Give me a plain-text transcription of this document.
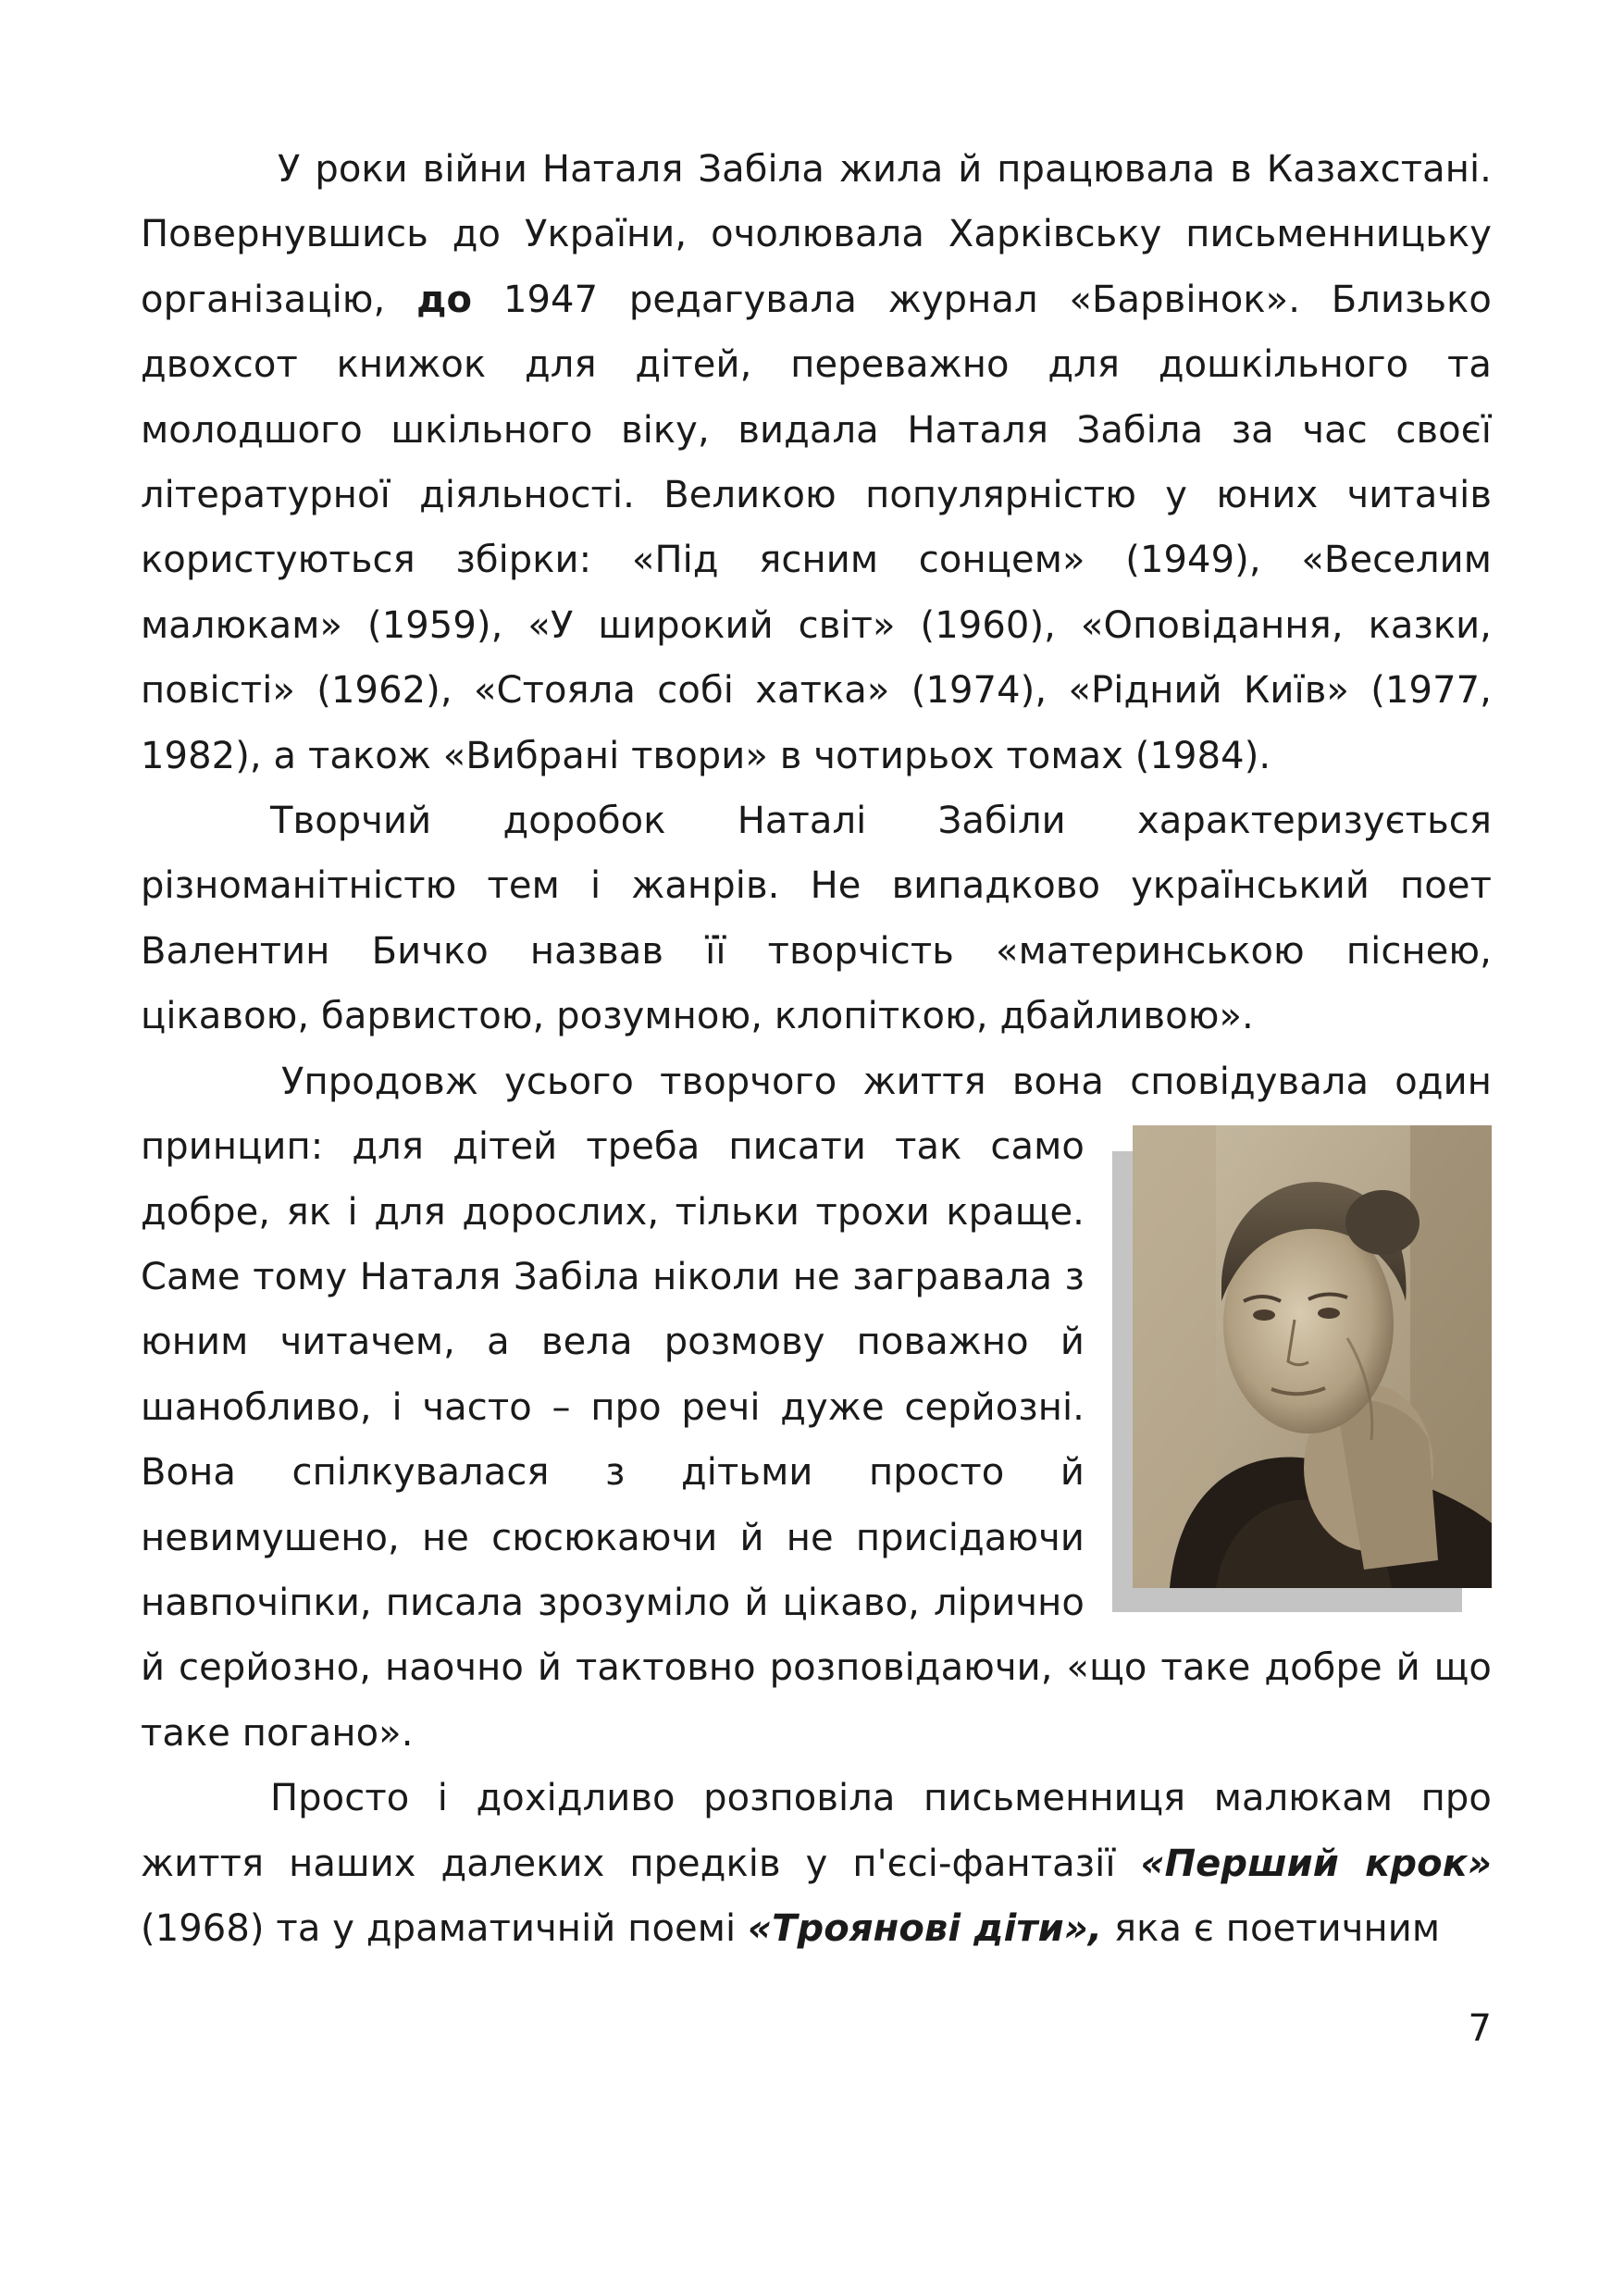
У роки війни Наталя Забіла жила й працювала в Казахстані. Повернувшись до України, очолювала Харківську письменницьку організацію, до 1947 редагувала журнал «Барвінок». Близько двохсот книжок для дітей, переважно для дошкільного та молодшого шкільного віку, видала Наталя Забіла за час своєї літературної діяльності. Великою популярністю у юних читачів користуються збірки: «Під ясним сонцем» (1949), «Веселим малюкам» (1959), «У широкий світ» (1960), «Оповідання, казки, повісті» (1962), «Стояла собі хатка» (1974), «Рідний Київ» (1977, 1982), а також «Вибрані твори» в чотирьох томах (1984).

Творчий доробок Наталі Забіли характеризується різноманітністю тем і жанрів. Не випадково український поет Валентин Бичко назвав її творчість «материнською піснею, цікавою, барвистою, розумною, клопіткою, дбайливою».

Упродовж усього творчого життя вона сповідувала один
принцип: для дітей треба писати так само добре, як і для дорослих, тільки трохи краще. Саме тому Наталя Забіла ніколи не загравала з юним читачем, а вела розмову поважно й шанобливо, і часто – про речі дуже серйозні. Вона спілкувалася з дітьми просто й невимушено, не сюсюкаючи й не присідаючи навпочіпки, писала зрозуміло й цікаво, лірично й серйозно, наочно й тактовно розповідаючи, «що таке добре й що таке погано».

Просто і дохідливо розповіла письменниця малюкам про життя наших далеких предків у п'єсі-фантазії «Перший крок» (1968) та у драматичній поемі «Троянові діти», яка є поетичним

7
